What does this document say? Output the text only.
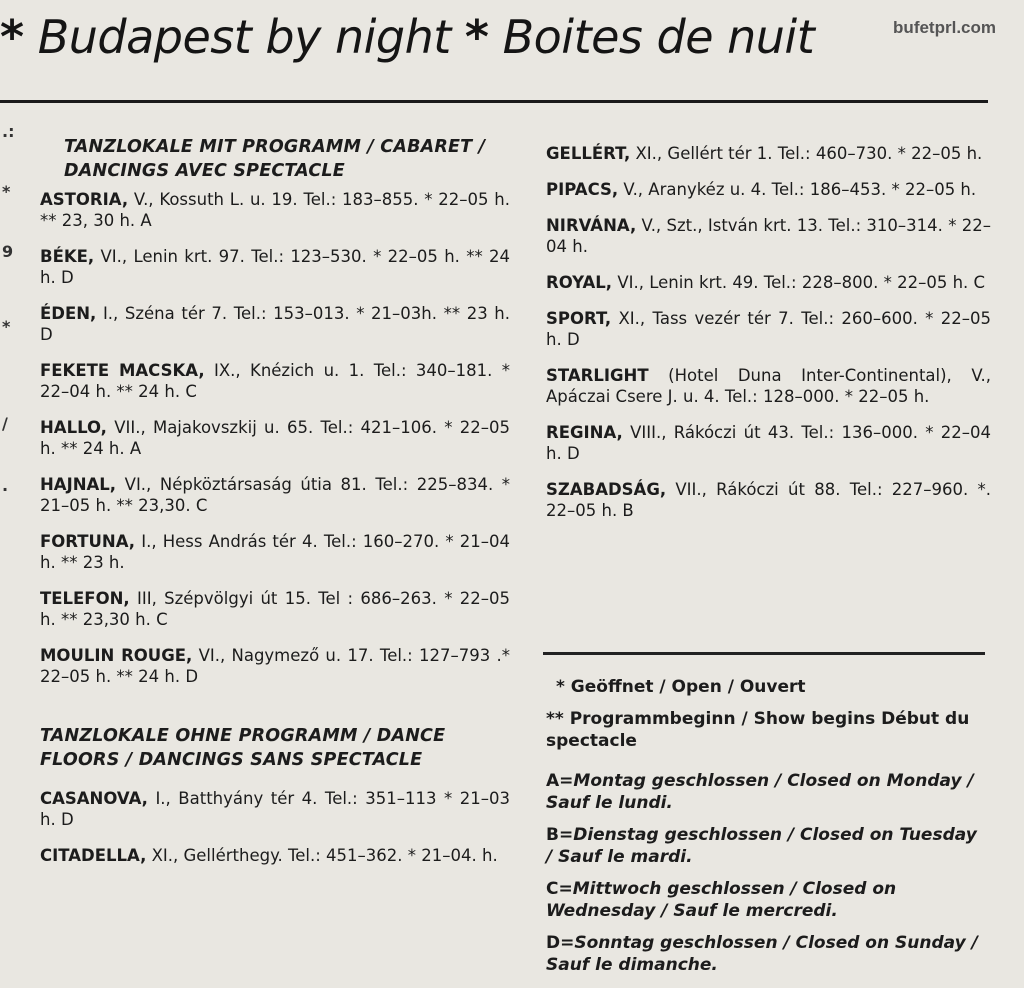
bufetprl.com
* Budapest by night * Boites de nuit
.:
*
9
*
/
·
TANZLOKALE MIT PROGRAMM / CABARET / DANCINGS AVEC SPECTACLE
ASTORIA, V., Kossuth L. u. 19. Tel.: 183–855. * 22–05 h. ** 23, 30 h. A
BÉKE, VI., Lenin krt. 97. Tel.: 123–530. * 22–05 h. ** 24 h. D
ÉDEN, I., Széna tér 7. Tel.: 153–013. * 21–03h. ** 23 h. D
FEKETE MACSKA, IX., Knézich u. 1. Tel.: 340–181. * 22–04 h. ** 24 h. C
HALLO, VII., Majakovszkij u. 65. Tel.: 421–106. * 22–05 h. ** 24 h. A
HAJNAL, VI., Népköztársaság útia 81. Tel.: 225–834. * 21–05 h. ** 23,30. C
FORTUNA, I., Hess András tér 4. Tel.: 160–270. * 21–04 h. ** 23 h.
TELEFON, III, Szépvölgyi út 15. Tel : 686–263. * 22–05 h. ** 23,30 h. C
MOULIN ROUGE, VI., Nagymező u. 17. Tel.: 127–793 .* 22–05 h. ** 24 h. D
TANZLOKALE OHNE PROGRAMM / DANCE FLOORS / DANCINGS SANS SPECTACLE
CASANOVA, I., Batthyány tér 4. Tel.: 351–113 * 21–03 h. D
CITADELLA, XI., Gellérthegy. Tel.: 451–362. * 21–04. h.
GELLÉRT, XI., Gellért tér 1. Tel.: 460–730. * 22–05 h.
PIPACS, V., Aranykéz u. 4. Tel.: 186–453. * 22–05 h.
NIRVÁNA, V., Szt., István krt. 13. Tel.: 310–314. * 22–04 h.
ROYAL, VI., Lenin krt. 49. Tel.: 228–800. * 22–05 h. C
SPORT, XI., Tass vezér tér 7. Tel.: 260–600. * 22–05 h. D
STARLIGHT (Hotel Duna Inter-Continental), V., Apáczai Csere J. u. 4. Tel.: 128–000. * 22–05 h.
REGINA, VIII., Rákóczi út 43. Tel.: 136–000. * 22–04 h. D
SZABADSÁG, VII., Rákóczi út 88. Tel.: 227–960. *. 22–05 h. B
* Geöffnet / Open / Ouvert
** Programmbeginn / Show begins Début du spectacle
A=Montag geschlossen / Closed on Monday / Sauf le lundi.
B=Dienstag geschlossen / Closed on Tuesday / Sauf le mardi.
C=Mittwoch geschlossen / Closed on Wednesday / Sauf le mercredi.
D=Sonntag geschlossen / Closed on Sunday / Sauf le dimanche.
